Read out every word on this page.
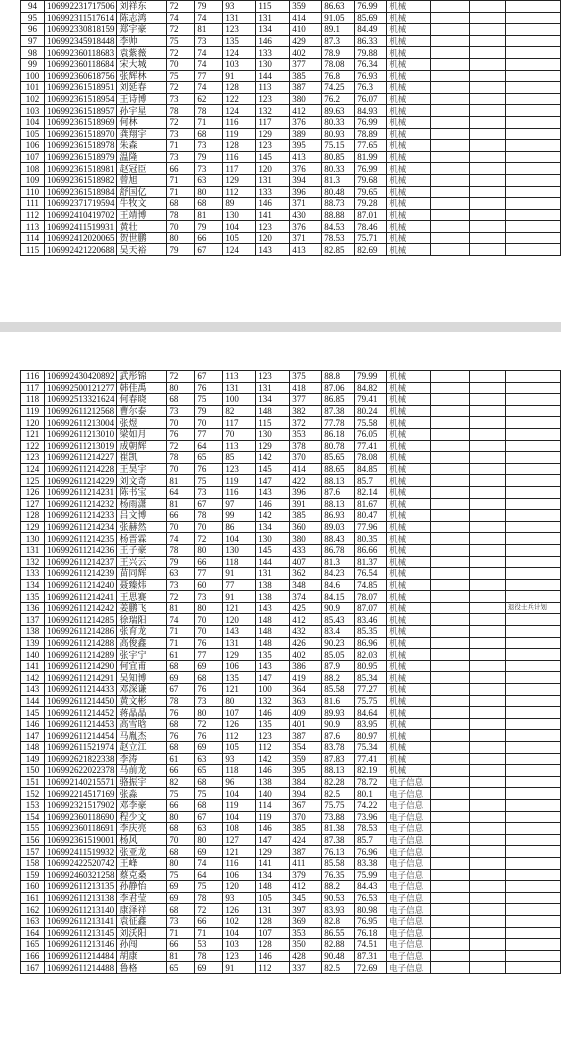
94	106992231717506	刘祥东	72	79	93	115	359	86.63	76.99	机械			
95	106992311517614	陈志鸿	74	74	131	131	414	91.05	85.69	机械			
96	106992330818159	郑宇豪	72	81	123	134	410	89.1	84.49	机械			
97	106992345918448	李帅	75	73	135	146	429	87.3	86.33	机械			
98	106992360118683	袁紫薇	72	74	124	133	402	78.9	79.88	机械			
99	106992360118684	宋大城	70	74	103	130	377	78.08	76.34	机械			
100	106992360618756	张辉林	75	77	91	144	385	76.8	76.93	机械			
101	106992361518951	刘延春	72	74	128	113	387	74.25	76.3	机械			
102	106992361518954	王诗博	73	62	122	123	380	76.2	76.07	机械			
103	106992361518957	孙宇星	78	78	124	132	412	89.63	84.93	机械			
104	106992361518969	何林	72	71	116	117	376	80.33	76.99	机械			
105	106992361518970	龚翔宇	73	68	119	129	389	80.93	78.89	机械			
106	106992361518978	朱森	71	73	128	123	395	75.15	77.65	机械			
107	106992361518979	温隆	73	79	116	145	413	80.85	81.99	机械			
108	106992361518981	赵冠臣	66	73	117	120	376	80.33	76.99	机械			
109	106992361518982	曾旭	71	63	129	131	394	81.3	79.68	机械			
110	106992361518984	舒国亿	71	80	112	133	396	80.48	79.65	机械			
111	106992371719594	牛牧文	68	68	89	146	371	88.73	79.28	机械			
112	106992410419702	王靖博	78	81	130	141	430	88.88	87.01	机械			
113	106992411519931	黄壮	70	79	104	123	376	84.53	78.46	机械			
114	106992412020065	贺世鹏	80	66	105	120	371	78.53	75.71	机械			
115	106992421220688	吴天裕	79	67	124	143	413	82.85	82.69	机械			
116	106992430420892	武彤锦	72	67	113	123	375	88.8	79.99	机械			
117	106992500121277	韩佳禹	80	76	131	131	418	87.06	84.82	机械			
118	106992513321624	何春晓	68	75	100	134	377	86.85	79.41	机械			
119	106992611212568	曹尔泰	73	79	82	148	382	87.38	80.24	机械			
120	106992611213004	张煜	70	70	117	115	372	77.78	75.58	机械			
121	106992611213010	梁如月	76	77	70	130	353	86.18	76.05	机械			
122	106992611213019	成朝辉	72	64	113	129	378	80.78	77.41	机械			
123	106992611214227	崔凯	78	65	85	142	370	85.65	78.08	机械			
124	106992611214228	王昊宇	70	76	123	145	414	88.65	84.85	机械			
125	106992611214229	刘文奇	81	75	119	147	422	88.13	85.7	机械			
126	106992611214231	陈书宝	64	73	116	143	396	87.6	82.14	机械			
127	106992611214232	杨雨潇	81	67	97	146	391	88.13	81.67	机械			
128	106992611214233	吕文博	66	78	99	142	385	86.93	80.47	机械			
129	106992611214234	张赫然	70	70	86	134	360	89.03	77.96	机械			
130	106992611214235	杨晋霖	74	72	104	130	380	88.43	80.35	机械			
131	106992611214236	王子豪	78	80	130	145	433	86.78	86.66	机械			
132	106992611214237	王兴云	79	66	118	144	407	81.3	81.37	机械			
133	106992611214239	苗同辉	63	77	91	131	362	84.23	76.54	机械			
134	106992611214240	聂臻炜	73	60	77	138	348	84.6	74.85	机械			
135	106992611214241	王思赛	72	73	91	138	374	84.15	78.07	机械			
136	106992611214242	姜鹏飞	81	80	121	143	425	90.9	87.07	机械			退役士兵计划
137	106992611214285	徐瑞阳	74	70	120	148	412	85.43	83.46	机械			
138	106992611214286	张育龙	71	70	143	148	432	83.4	85.35	机械			
139	106992611214288	高俊鑫	71	76	131	148	426	90.23	86.96	机械			
140	106992611214289	张宇宁	61	77	129	135	402	85.05	82.03	机械			
141	106992611214290	何宜甫	68	69	106	143	386	87.9	80.95	机械			
142	106992611214291	吴知博	69	68	135	147	419	88.2	85.34	机械			
143	106992611214433	邓深谦	67	76	121	100	364	85.58	77.27	机械			
144	106992611214450	黄文彬	78	73	80	132	363	81.6	75.75	机械			
145	106992611214452	蒋晶晶	76	80	107	146	409	89.93	84.64	机械			
146	106992611214453	高雪晗	68	72	126	135	401	90.9	83.95	机械			
147	106992611214454	马胤杰	76	76	112	123	387	87.6	80.97	机械			
148	106992611521974	赵立江	68	69	105	112	354	83.78	75.34	机械			
149	106992621822338	李涛	61	63	93	142	359	87.83	77.41	机械			
150	106992622022378	马前龙	66	65	118	146	395	88.13	82.19	机械			
151	106992140215571	骆振宇	82	68	96	138	384	82.28	78.72	电子信息			
152	106992214517169	张淼	75	75	104	140	394	82.5	80.1	电子信息			
153	106992321517902	邓李豪	66	68	119	114	367	75.75	74.22	电子信息			
154	106992360118690	程少文	80	67	104	119	370	73.88	73.96	电子信息			
155	106992360118691	李庆亮	68	63	108	146	385	81.38	78.53	电子信息			
156	106992361519001	杨风	70	80	127	147	424	87.38	85.7	电子信息			
157	106992411519932	张亚龙	68	69	121	129	387	76.13	76.96	电子信息			
158	106992422520742	王峰	80	74	116	141	411	85.58	83.38	电子信息			
159	106992460321258	蔡克桑	75	64	106	134	379	76.35	75.99	电子信息			
160	106992611213135	孙静怡	69	75	120	148	412	88.2	84.43	电子信息			
161	106992611213138	李君莹	69	78	93	105	345	90.53	76.53	电子信息			
162	106992611213140	康泽祥	68	72	126	131	397	83.93	80.98	电子信息			
163	106992611213141	袁征鑫	73	66	102	128	369	82.8	76.95	电子信息			
164	106992611213145	刘沃阳	71	71	104	107	353	86.55	76.18	电子信息			
165	106992611213146	孙闯	66	53	103	128	350	82.88	74.51	电子信息			
166	106992611214484	胡康	81	78	123	146	428	90.48	87.31	电子信息			
167	106992611214488	鲁格	65	69	91	112	337	82.5	72.69	电子信息			
